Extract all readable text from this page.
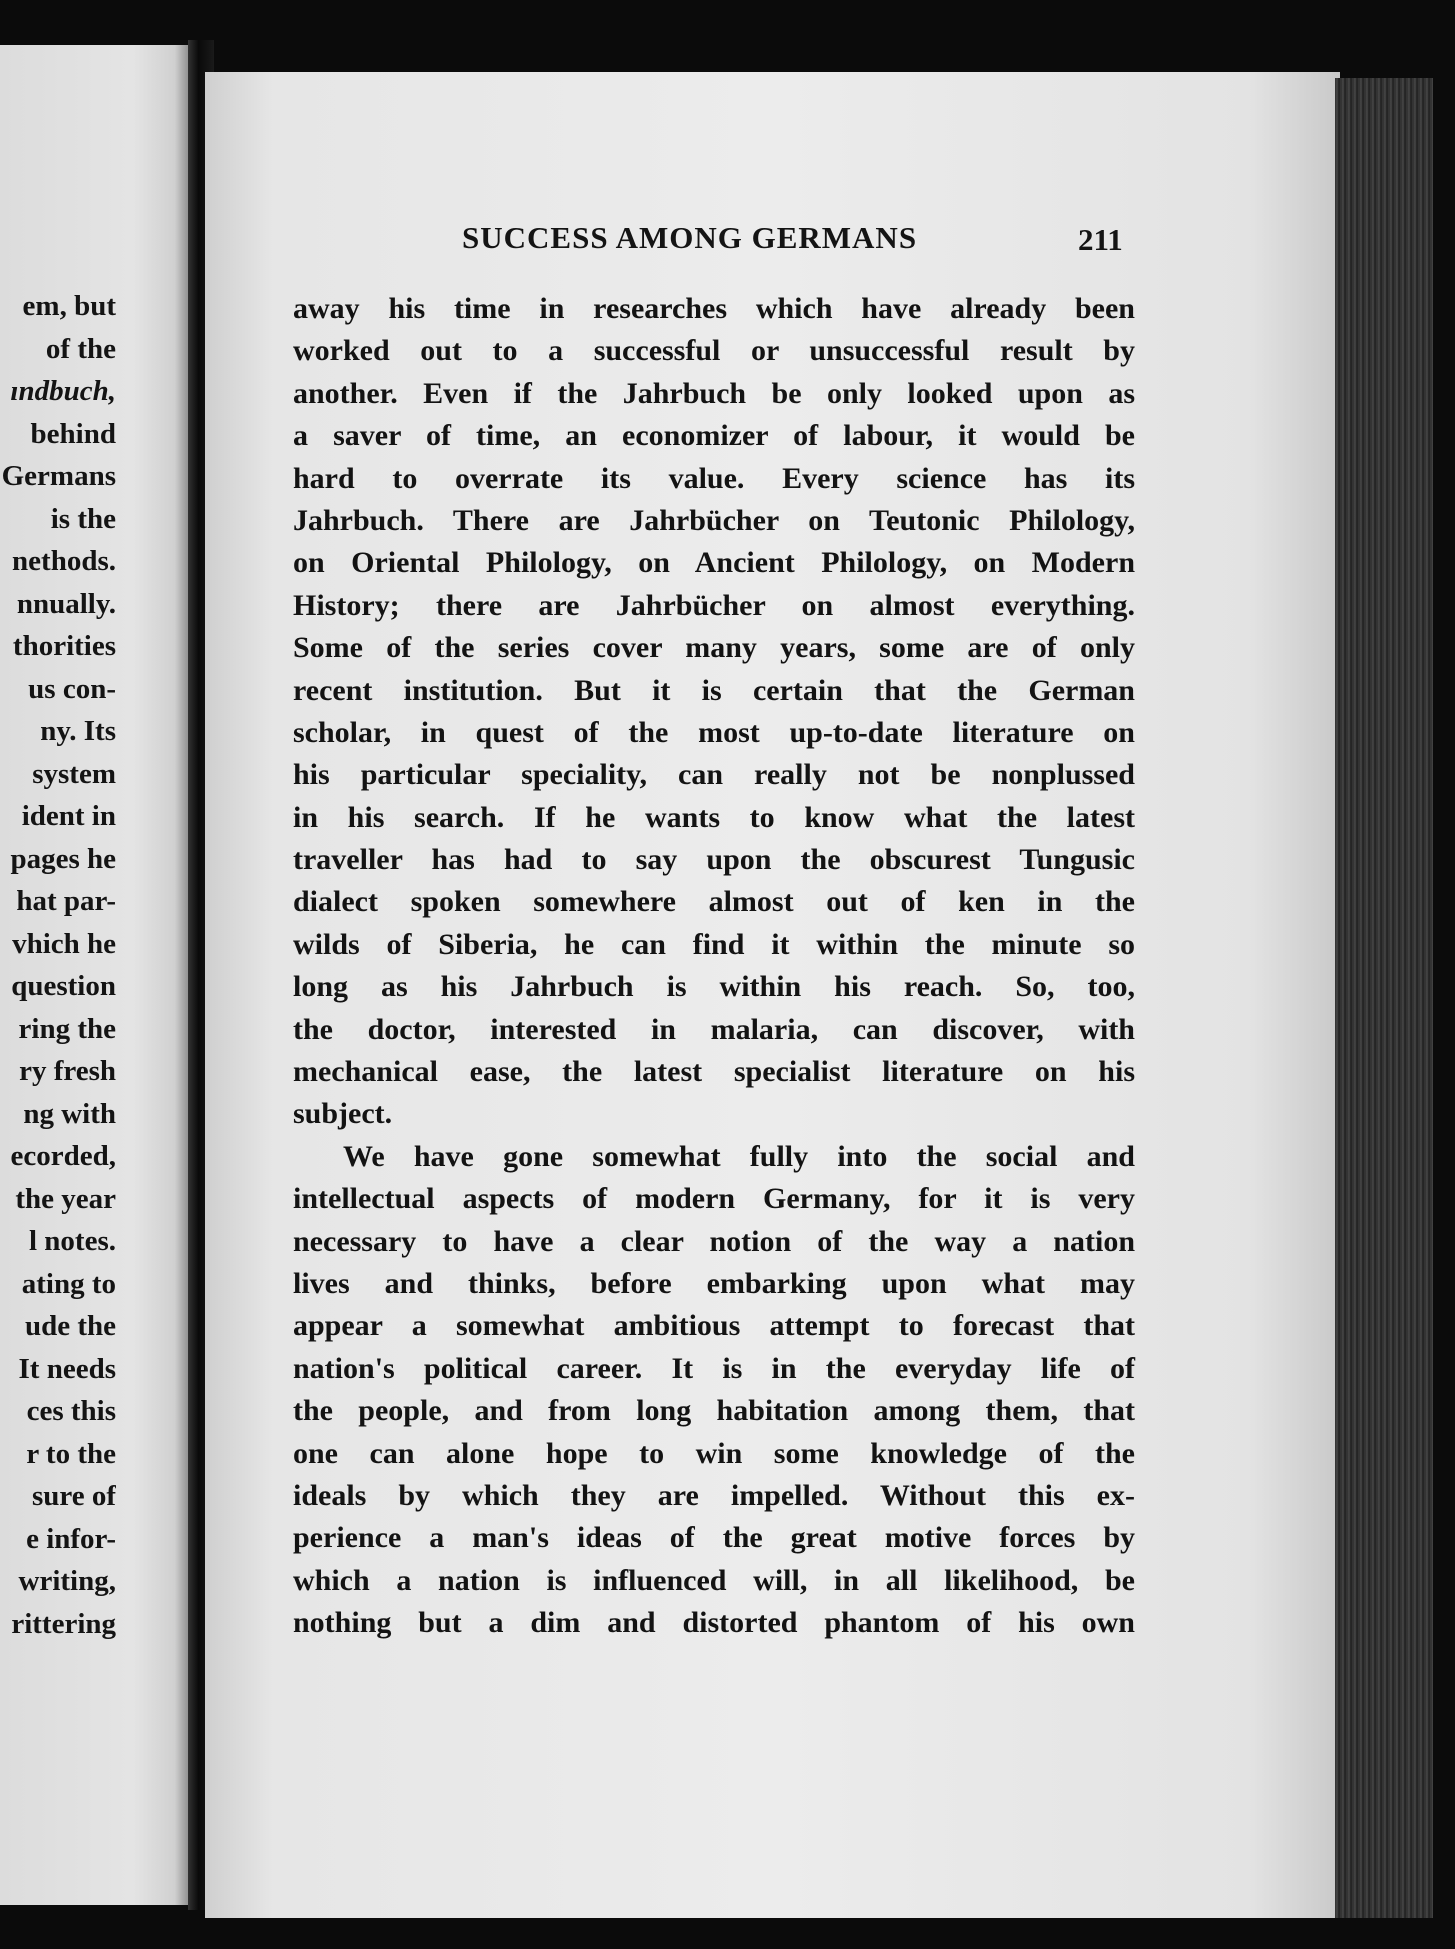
em, but
of the
ındbuch,
behind
Germans
is the
nethods.
nnually.
thorities
us con-
ny. Its
system
ident in
pages he
hat par-
vhich he
question
ring the
ry fresh
ng with
ecorded,
the year
l notes.
ating to
ude the
It needs
ces this
r to the
sure of
e infor-
writing,
rittering
SUCCESS AMONG GERMANS	211
away his time in researches which have already been
worked out to a successful or unsuccessful result by
another. Even if the Jahrbuch be only looked upon as
a saver of time, an economizer of labour, it would be
hard to overrate its value. Every science has its
Jahrbuch. There are Jahrbücher on Teutonic Philology,
on Oriental Philology, on Ancient Philology, on Modern
History; there are Jahrbücher on almost everything.
Some of the series cover many years, some are of only
recent institution. But it is certain that the German
scholar, in quest of the most up-to-date literature on
his particular speciality, can really not be nonplussed
in his search. If he wants to know what the latest
traveller has had to say upon the obscurest Tungusic
dialect spoken somewhere almost out of ken in the
wilds of Siberia, he can find it within the minute so
long as his Jahrbuch is within his reach. So, too,
the doctor, interested in malaria, can discover, with
mechanical ease, the latest specialist literature on his
subject.
We have gone somewhat fully into the social and
intellectual aspects of modern Germany, for it is very
necessary to have a clear notion of the way a nation
lives and thinks, before embarking upon what may
appear a somewhat ambitious attempt to forecast that
nation's political career. It is in the everyday life of
the people, and from long habitation among them, that
one can alone hope to win some knowledge of the
ideals by which they are impelled. Without this ex-
perience a man's ideas of the great motive forces by
which a nation is influenced will, in all likelihood, be
nothing but a dim and distorted phantom of his own
